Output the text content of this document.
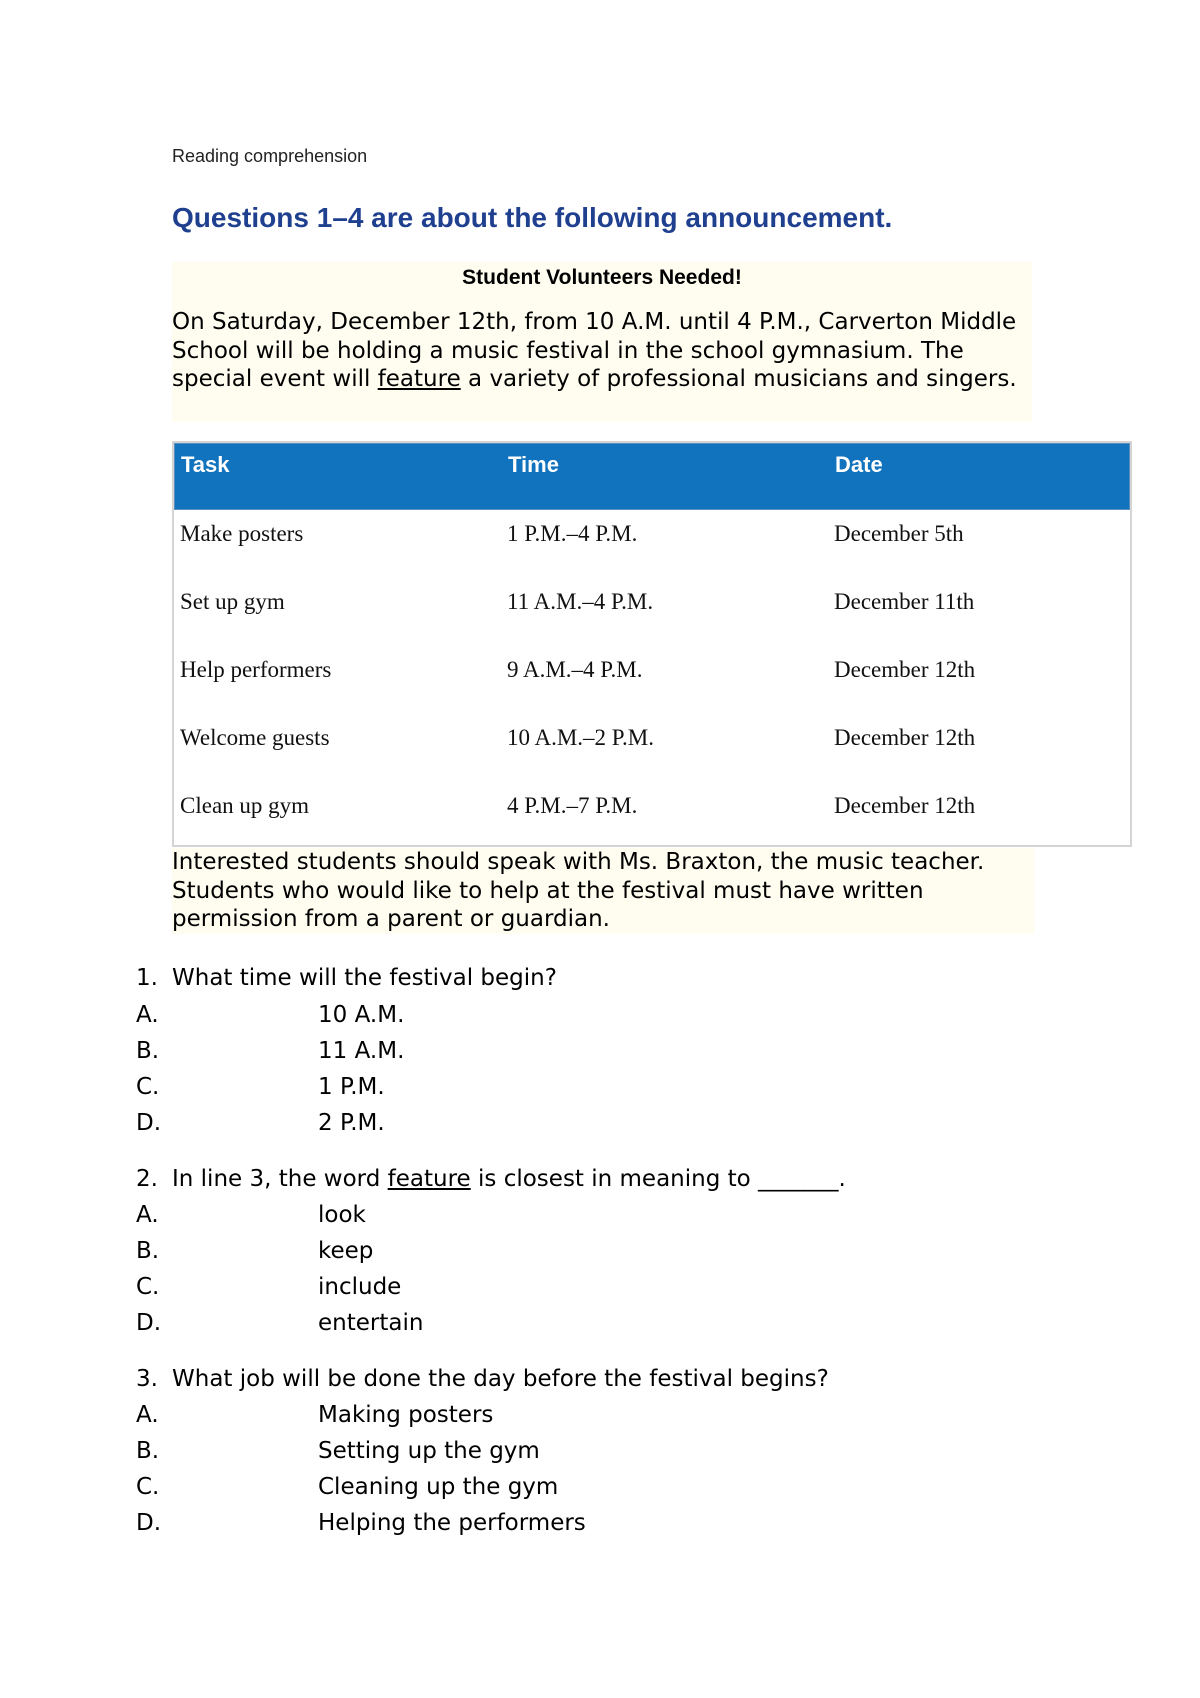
Reading comprehension
Questions 1–4 are about the following announcement.
Student Volunteers Needed!
On Saturday, December 12th, from 10 A.M. until 4 P.M., Carverton Middle School will be holding a music festival in the school gymnasium. The special event will feature a variety of professional musicians and singers.
Task	Time	Date
Make posters	1 P.M.–4 P.M.	December 5th
Set up gym	11 A.M.–4 P.M.	December 11th
Help performers	9 A.M.–4 P.M.	December 12th
Welcome guests	10 A.M.–2 P.M.	December 12th
Clean up gym	4 P.M.–7 P.M.	December 12th
Interested students should speak with Ms. Braxton, the music teacher. Students who would like to help at the festival must have written permission from a parent or guardian.
1. What time will the festival begin?
A.	10 A.M.
B.	11 A.M.
C.	1 P.M.
D.	2 P.M.
2. In line 3, the word feature is closest in meaning to _______.
A.	look
B.	keep
C.	include
D.	entertain
3. What job will be done the day before the festival begins?
A.	Making posters
B.	Setting up the gym
C.	Cleaning up the gym
D.	Helping the performers
